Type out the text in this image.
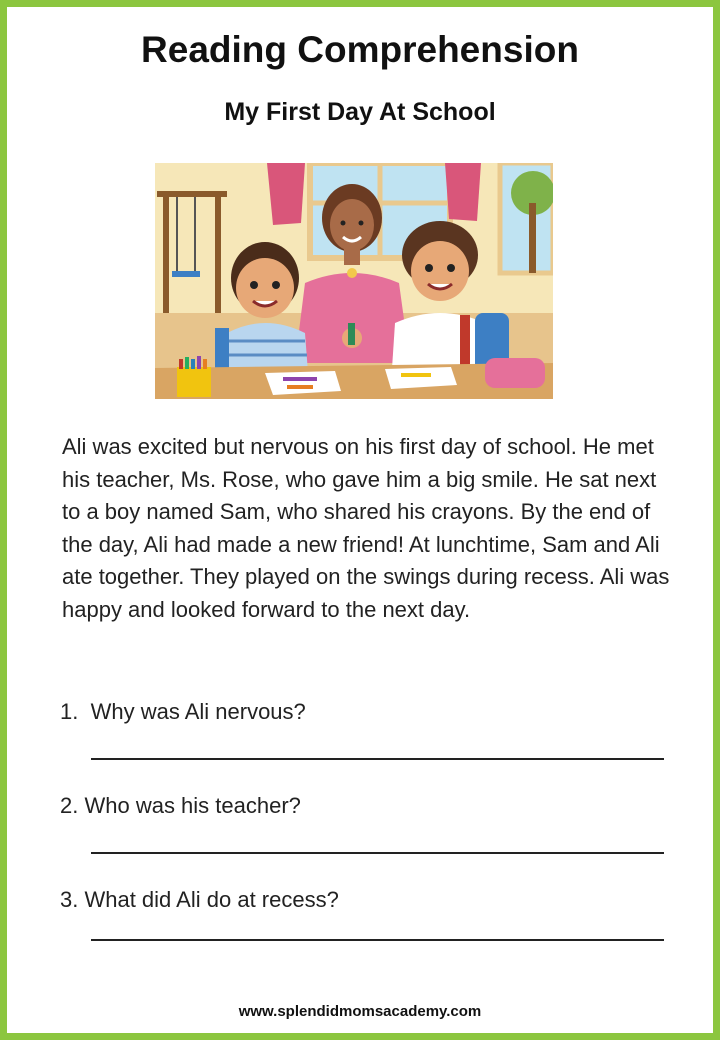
Reading Comprehension
My First Day At School

Ali was excited but nervous on his first day of school. He met his teacher, Ms. Rose, who gave him a big smile. He sat next to a boy named Sam, who shared his crayons. By the end of the day, Ali had made a new friend! At lunchtime, Sam and Ali ate together. They played on the swings during recess. Ali was happy and looked forward to the next day.

1.  Why was Ali nervous?

2. Who was his teacher?

3. What did Ali do at recess?

www.splendidmomsacademy.com
